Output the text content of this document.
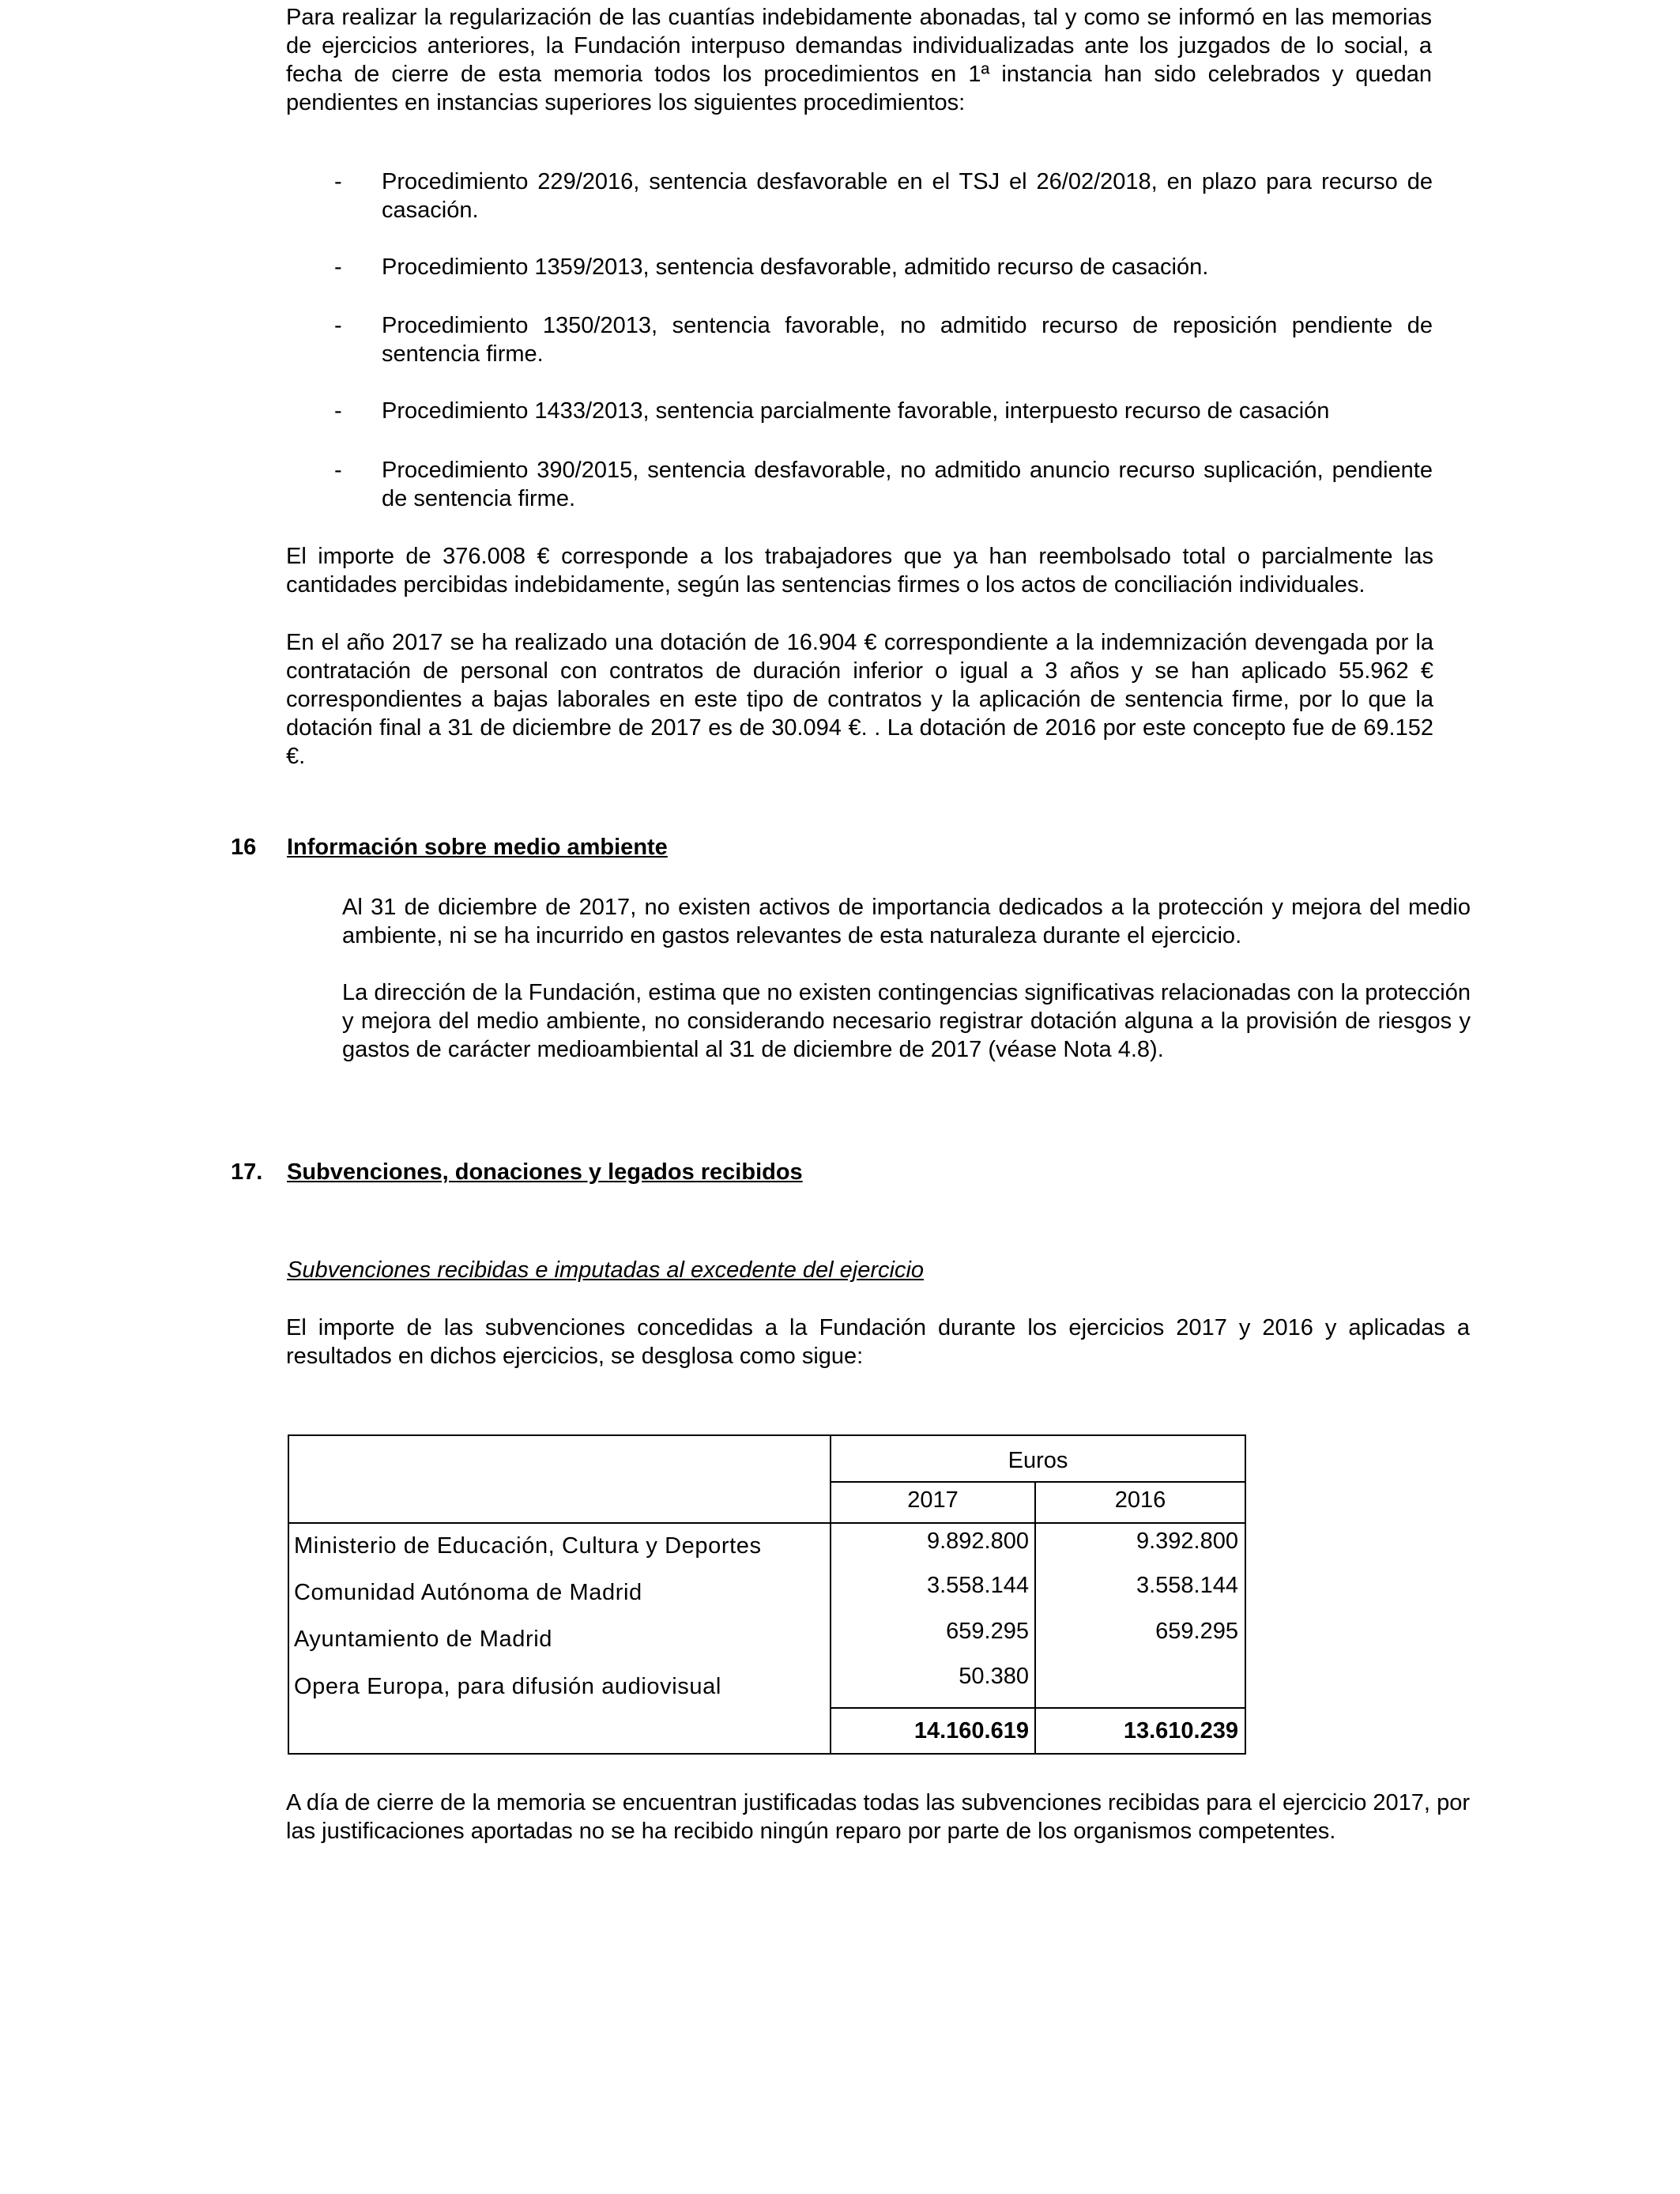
Para realizar la regularización de las cuantías indebidamente abonadas, tal y como se informó en las memorias de ejercicios anteriores, la Fundación interpuso demandas individualizadas ante los juzgados de lo social, a fecha de cierre de esta memoria todos los procedimientos en 1ª instancia han sido celebrados y quedan pendientes en instancias superiores los siguientes procedimientos:

- Procedimiento 229/2016, sentencia desfavorable en el TSJ el 26/02/2018, en plazo para recurso de casación.

- Procedimiento 1359/2013, sentencia desfavorable, admitido recurso de casación.

- Procedimiento 1350/2013, sentencia favorable, no admitido recurso de reposición pendiente de sentencia firme.

- Procedimiento 1433/2013, sentencia parcialmente favorable, interpuesto recurso de casación

- Procedimiento 390/2015, sentencia desfavorable, no admitido anuncio recurso suplicación, pendiente de sentencia firme.

El importe de 376.008 € corresponde a los trabajadores que ya han reembolsado total o parcialmente las cantidades percibidas indebidamente, según las sentencias firmes o los actos de conciliación individuales.

En el año 2017 se ha realizado una dotación de 16.904 € correspondiente a la indemnización devengada por la contratación de personal con contratos de duración inferior o igual a 3 años y se han aplicado 55.962 € correspondientes a bajas laborales en este tipo de contratos y la aplicación de sentencia firme, por lo que la dotación final a 31 de diciembre de 2017 es de 30.094 €. . La dotación de 2016 por este concepto fue de 69.152 €.

16 Información sobre medio ambiente

Al 31 de diciembre de 2017, no existen activos de importancia dedicados a la protección y mejora del medio ambiente, ni se ha incurrido en gastos relevantes de esta naturaleza durante el ejercicio.

La dirección de la Fundación, estima que no existen contingencias significativas relacionadas con la protección y mejora del medio ambiente, no considerando necesario registrar dotación alguna a la provisión de riesgos y gastos de carácter medioambiental al 31 de diciembre de 2017 (véase Nota 4.8).

17. Subvenciones, donaciones y legados recibidos
Subvenciones recibidas e imputadas al excedente del ejercicio

El importe de las subvenciones concedidas a la Fundación durante los ejercicios 2017 y 2016 y aplicadas a resultados en dichos ejercicios, se desglosa como sigue:

Euros
2017	2016
Ministerio de Educación, Cultura y Deportes	9.892.800	9.392.800
Comunidad Autónoma de Madrid	3.558.144	3.558.144
Ayuntamiento de Madrid	659.295	659.295
Opera Europa, para difusión audiovisual	50.380
14.160.619	13.610.239

A día de cierre de la memoria se encuentran justificadas todas las subvenciones recibidas para el ejercicio 2017, por las justificaciones aportadas no se ha recibido ningún reparo por parte de los organismos competentes.
